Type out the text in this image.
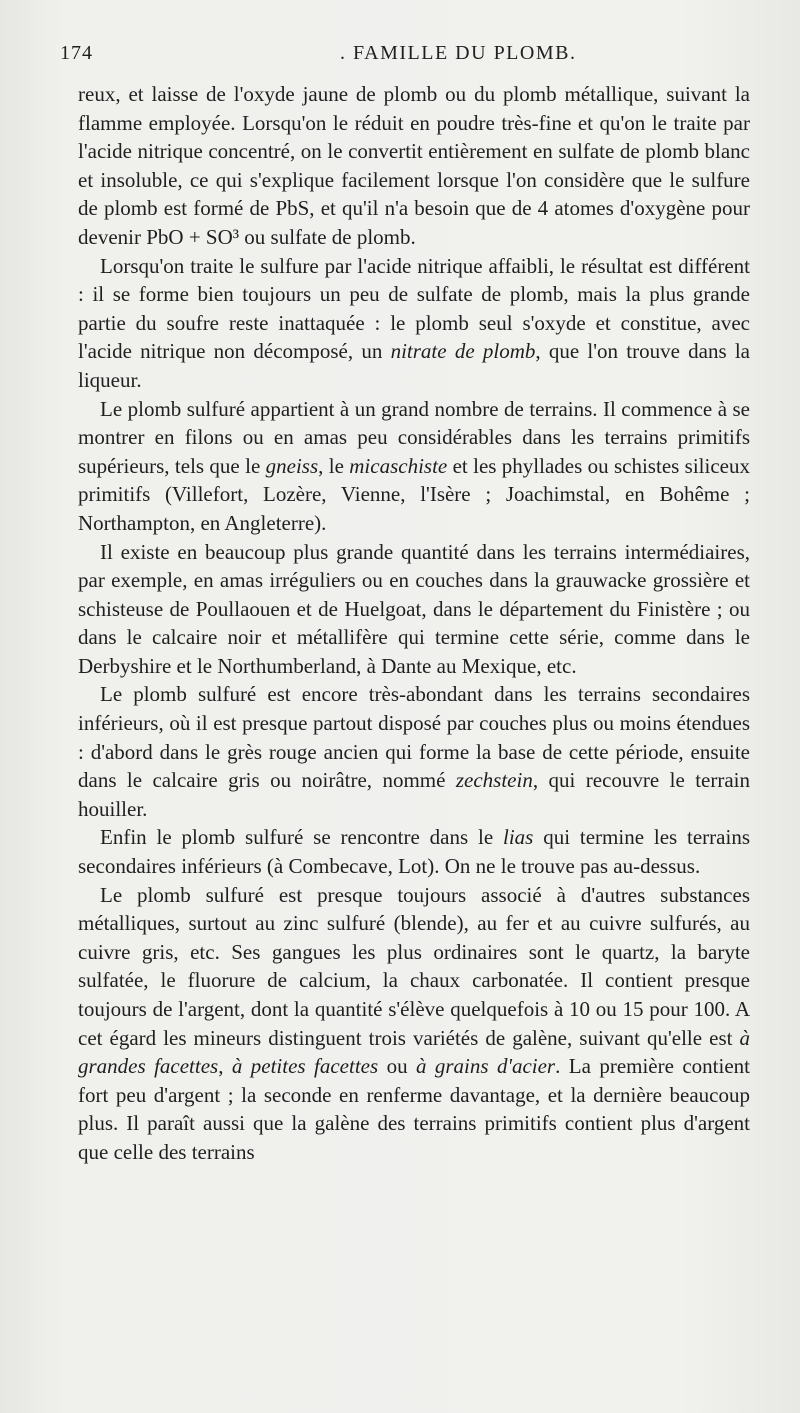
174	. FAMILLE DU PLOMB.

reux, et laisse de l'oxyde jaune de plomb ou du plomb métallique, suivant la flamme employée. Lorsqu'on le réduit en poudre très-fine et qu'on le traite par l'acide nitrique concentré, on le convertit entièrement en sulfate de plomb blanc et insoluble, ce qui s'explique facilement lorsque l'on considère que le sulfure de plomb est formé de PbS, et qu'il n'a besoin que de 4 atomes d'oxygène pour devenir PbO + SO³ ou sulfate de plomb.

Lorsqu'on traite le sulfure par l'acide nitrique affaibli, le résultat est différent : il se forme bien toujours un peu de sulfate de plomb, mais la plus grande partie du soufre reste inattaquée : le plomb seul s'oxyde et constitue, avec l'acide nitrique non décomposé, un nitrate de plomb, que l'on trouve dans la liqueur.

Le plomb sulfuré appartient à un grand nombre de terrains. Il commence à se montrer en filons ou en amas peu considérables dans les terrains primitifs supérieurs, tels que le gneiss, le micaschiste et les phyllades ou schistes siliceux primitifs (Villefort, Lozère, Vienne, l'Isère ; Joachimstal, en Bohême ; Northampton, en Angleterre).

Il existe en beaucoup plus grande quantité dans les terrains intermédiaires, par exemple, en amas irréguliers ou en couches dans la grauwacke grossière et schisteuse de Poullaouen et de Huelgoat, dans le département du Finistère ; ou dans le calcaire noir et métallifère qui termine cette série, comme dans le Derbyshire et le Northumberland, à Dante au Mexique, etc.

Le plomb sulfuré est encore très-abondant dans les terrains secondaires inférieurs, où il est presque partout disposé par couches plus ou moins étendues : d'abord dans le grès rouge ancien qui forme la base de cette période, ensuite dans le calcaire gris ou noirâtre, nommé zechstein, qui recouvre le terrain houiller.

Enfin le plomb sulfuré se rencontre dans le lias qui termine les terrains secondaires inférieurs (à Combecave, Lot). On ne le trouve pas au-dessus.

Le plomb sulfuré est presque toujours associé à d'autres substances métalliques, surtout au zinc sulfuré (blende), au fer et au cuivre sulfurés, au cuivre gris, etc. Ses gangues les plus ordinaires sont le quartz, la baryte sulfatée, le fluorure de calcium, la chaux carbonatée. Il contient presque toujours de l'argent, dont la quantité s'élève quelquefois à 10 ou 15 pour 100. A cet égard les mineurs distinguent trois variétés de galène, suivant qu'elle est à grandes facettes, à petites facettes ou à grains d'acier. La première contient fort peu d'argent ; la seconde en renferme davantage, et la dernière beaucoup plus. Il paraît aussi que la galène des terrains primitifs contient plus d'argent que celle des terrains
